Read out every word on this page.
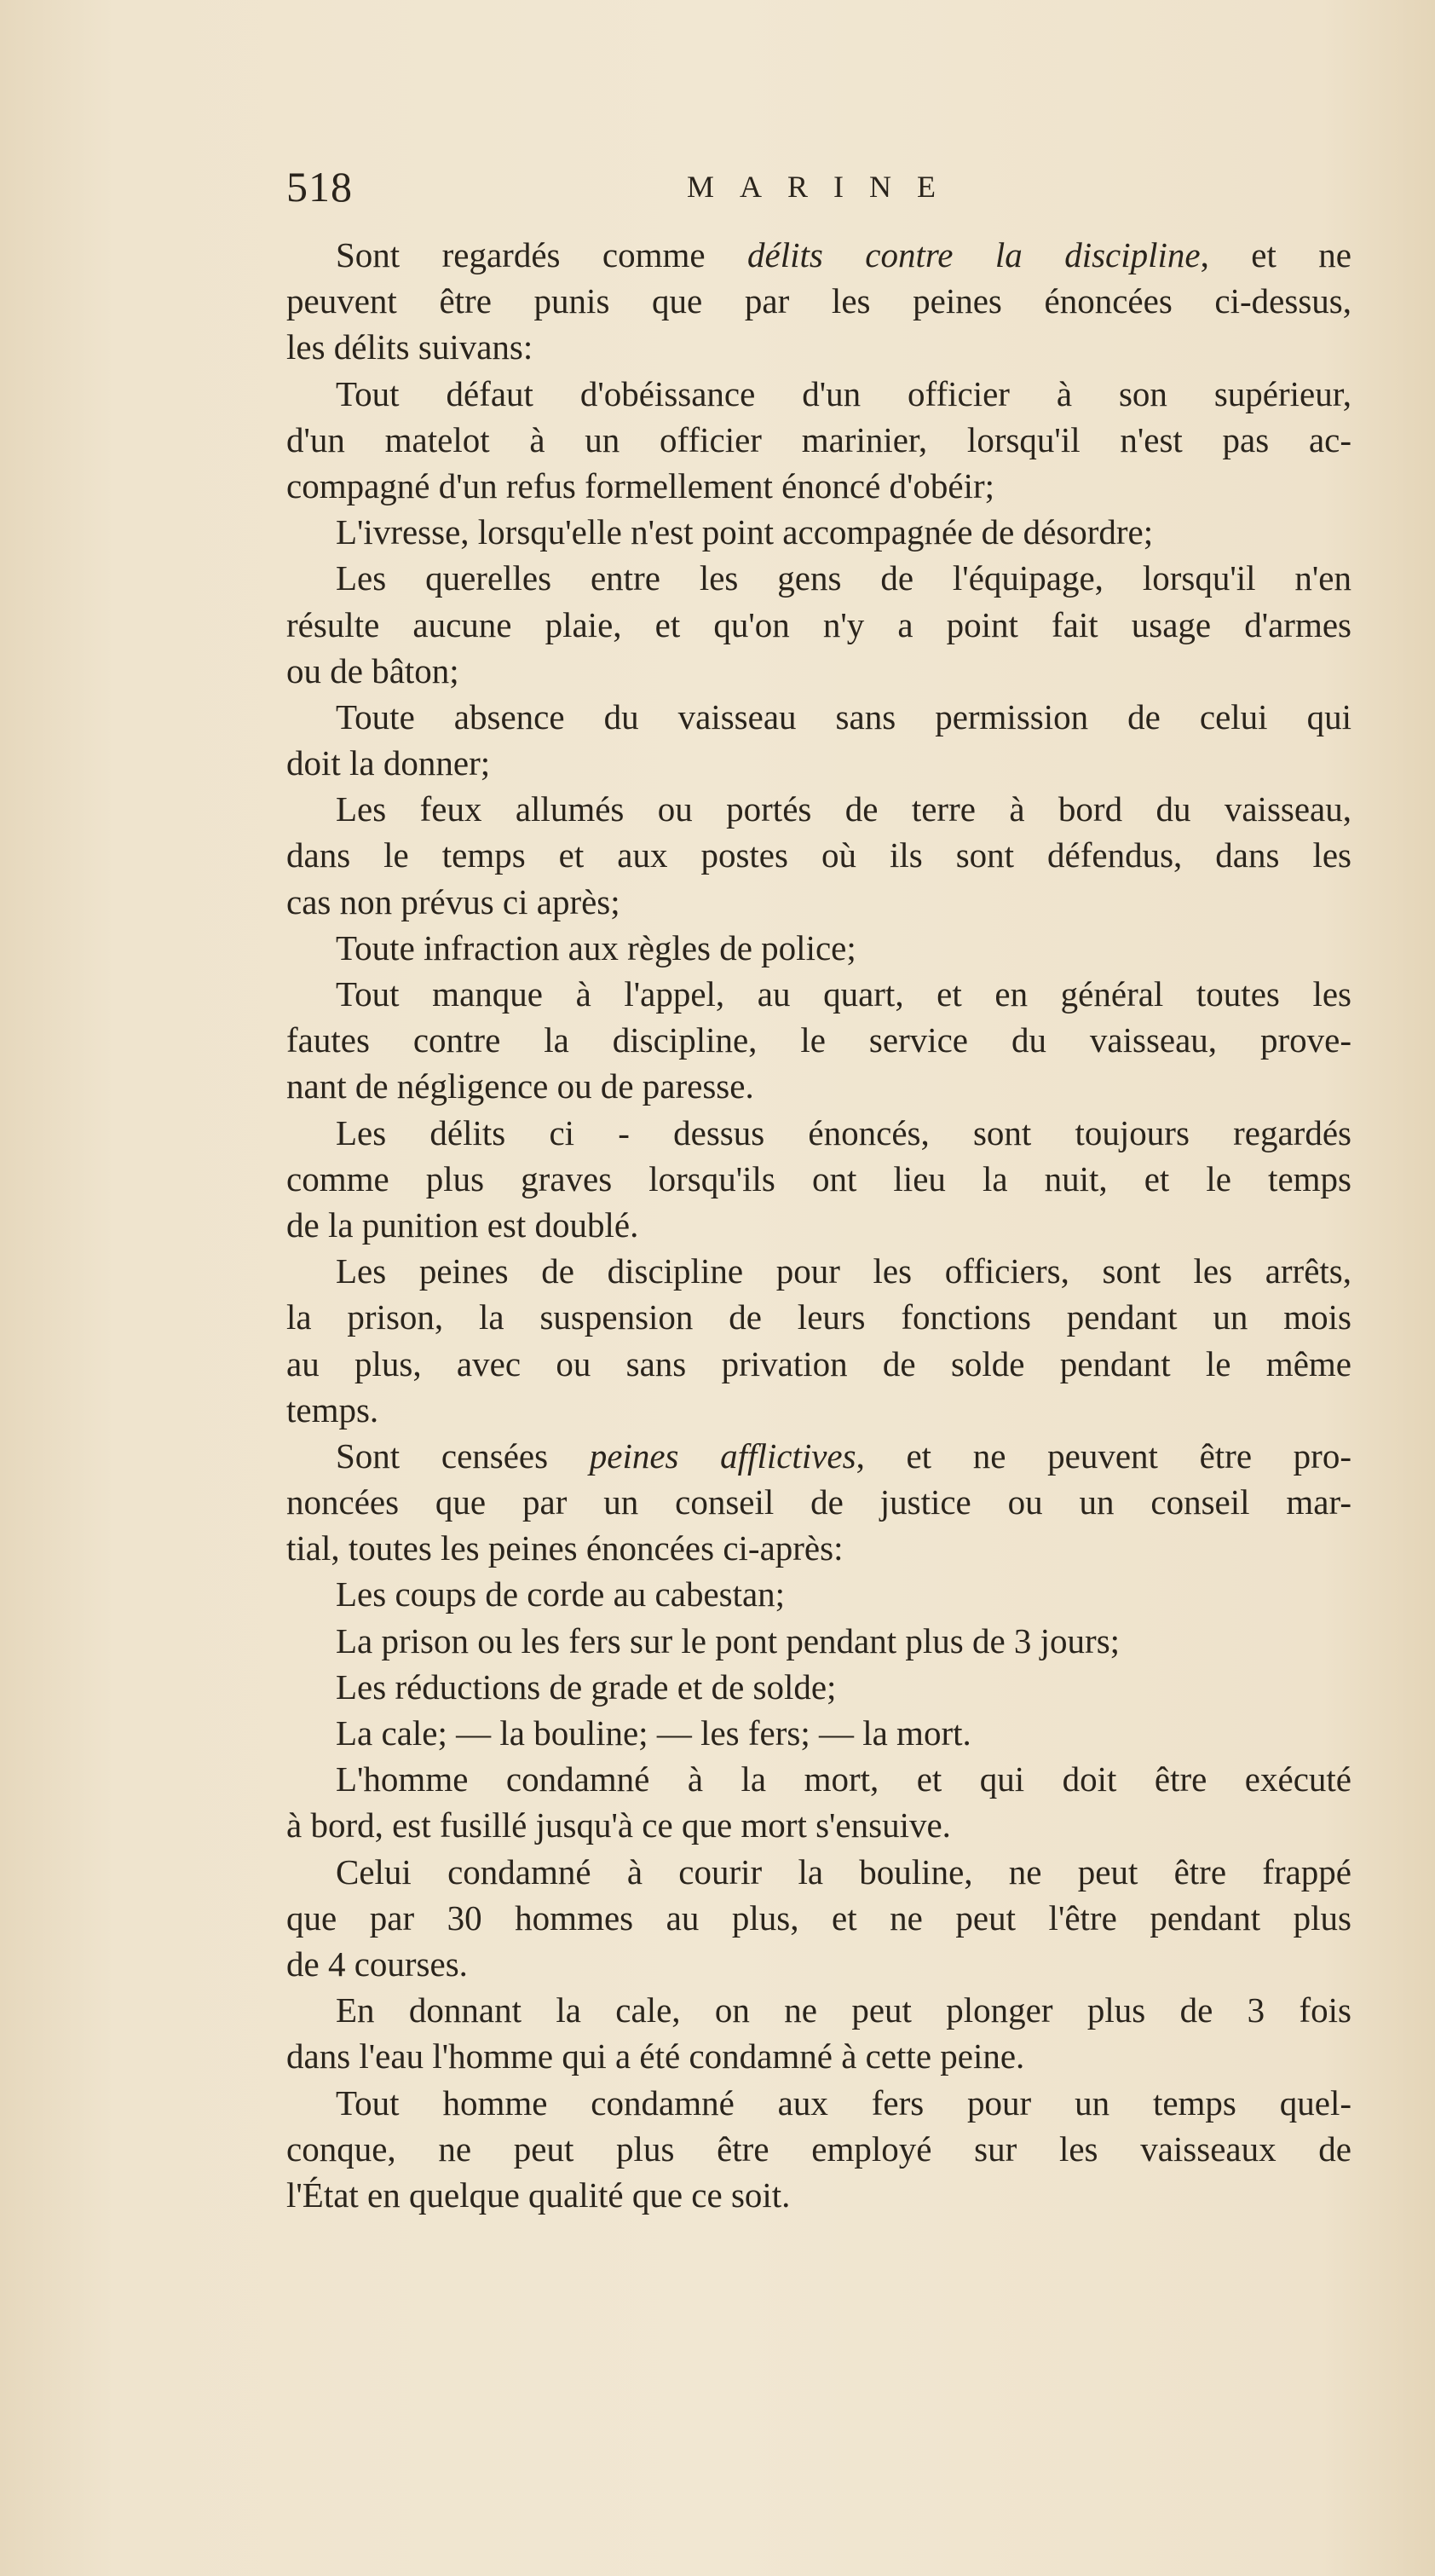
518	MARINE
Sont regardés comme délits contre la discipline, et ne
peuvent être punis que par les peines énoncées ci-dessus,
les délits suivans:
Tout défaut d'obéissance d'un officier à son supérieur,
d'un matelot à un officier marinier, lorsqu'il n'est pas ac-
compagné d'un refus formellement énoncé d'obéir;
L'ivresse, lorsqu'elle n'est point accompagnée de désordre;
Les querelles entre les gens de l'équipage, lorsqu'il n'en
résulte aucune plaie, et qu'on n'y a point fait usage d'armes
ou de bâton;
Toute absence du vaisseau sans permission de celui qui
doit la donner;
Les feux allumés ou portés de terre à bord du vaisseau,
dans le temps et aux postes où ils sont défendus, dans les
cas non prévus ci après;
Toute infraction aux règles de police;
Tout manque à l'appel, au quart, et en général toutes les
fautes contre la discipline, le service du vaisseau, prove-
nant de négligence ou de paresse.
Les délits ci - dessus énoncés, sont toujours regardés
comme plus graves lorsqu'ils ont lieu la nuit, et le temps
de la punition est doublé.
Les peines de discipline pour les officiers, sont les arrêts,
la prison, la suspension de leurs fonctions pendant un mois
au plus, avec ou sans privation de solde pendant le même
temps.
Sont censées peines afflictives, et ne peuvent être pro-
noncées que par un conseil de justice ou un conseil mar-
tial, toutes les peines énoncées ci-après:
Les coups de corde au cabestan;
La prison ou les fers sur le pont pendant plus de 3 jours;
Les réductions de grade et de solde;
La cale; — la bouline; — les fers; — la mort.
L'homme condamné à la mort, et qui doit être exécuté
à bord, est fusillé jusqu'à ce que mort s'ensuive.
Celui condamné à courir la bouline, ne peut être frappé
que par 30 hommes au plus, et ne peut l'être pendant plus
de 4 courses.
En donnant la cale, on ne peut plonger plus de 3 fois
dans l'eau l'homme qui a été condamné à cette peine.
Tout homme condamné aux fers pour un temps quel-
conque, ne peut plus être employé sur les vaisseaux de
l'État en quelque qualité que ce soit.
